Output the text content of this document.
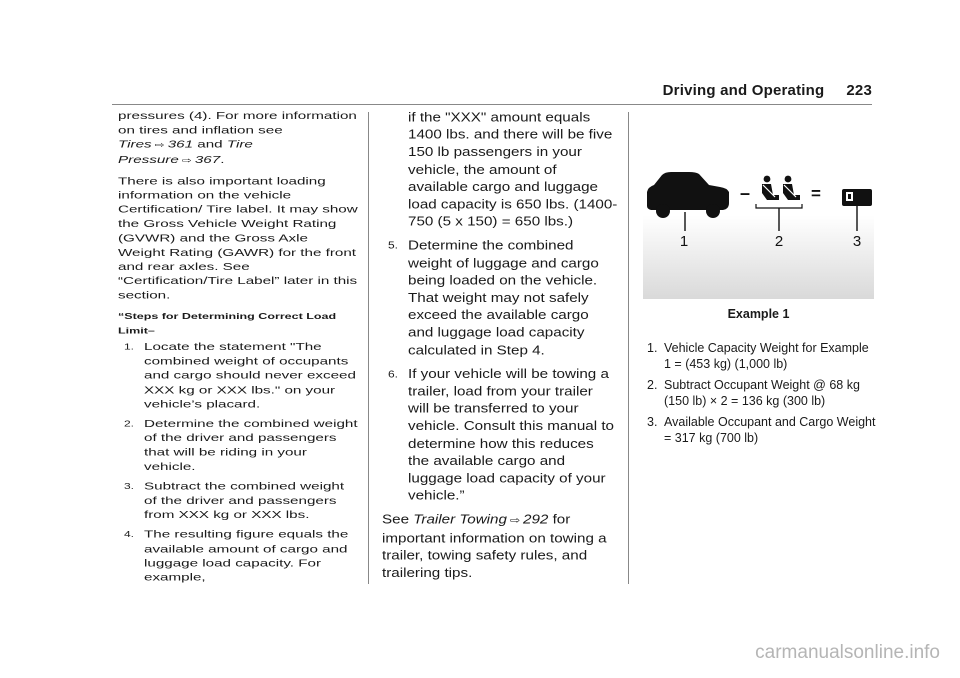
Driving and Operating 223

pressures (4). For more information on tires and inflation see Tires ⇨ 361 and Tire Pressure ⇨ 367.

There is also important loading information on the vehicle Certification/ Tire label. It may show the Gross Vehicle Weight Rating (GVWR) and the Gross Axle Weight Rating (GAWR) for the front and rear axles. See “Certification/Tire Label” later in this section.

“Steps for Determining Correct Load Limit–

1. Locate the statement "The combined weight of occupants and cargo should never exceed XXX kg or XXX lbs." on your vehicle’s placard.
2. Determine the combined weight of the driver and passengers that will be riding in your vehicle.
3. Subtract the combined weight of the driver and passengers from XXX kg or XXX lbs.
4. The resulting figure equals the available amount of cargo and luggage load capacity. For example,

if the "XXX" amount equals 1400 lbs. and there will be five 150 lb passengers in your vehicle, the amount of available cargo and luggage load capacity is 650 lbs. (1400-750 (5 x 150) = 650 lbs.)

5. Determine the combined weight of luggage and cargo being loaded on the vehicle. That weight may not safely exceed the available cargo and luggage load capacity calculated in Step 4.
6. If your vehicle will be towing a trailer, load from your trailer will be transferred to your vehicle. Consult this manual to determine how this reduces the available cargo and luggage load capacity of your vehicle.”

See Trailer Towing ⇨ 292 for important information on towing a trailer, towing safety rules, and trailering tips.

–	=
1	2	3
Example 1
1. Vehicle Capacity Weight for Example 1 = (453 kg) (1,000 lb)
2. Subtract Occupant Weight @ 68 kg (150 lb) × 2 = 136 kg (300 lb)
3. Available Occupant and Cargo Weight = 317 kg (700 lb)
carmanualsonline.info
